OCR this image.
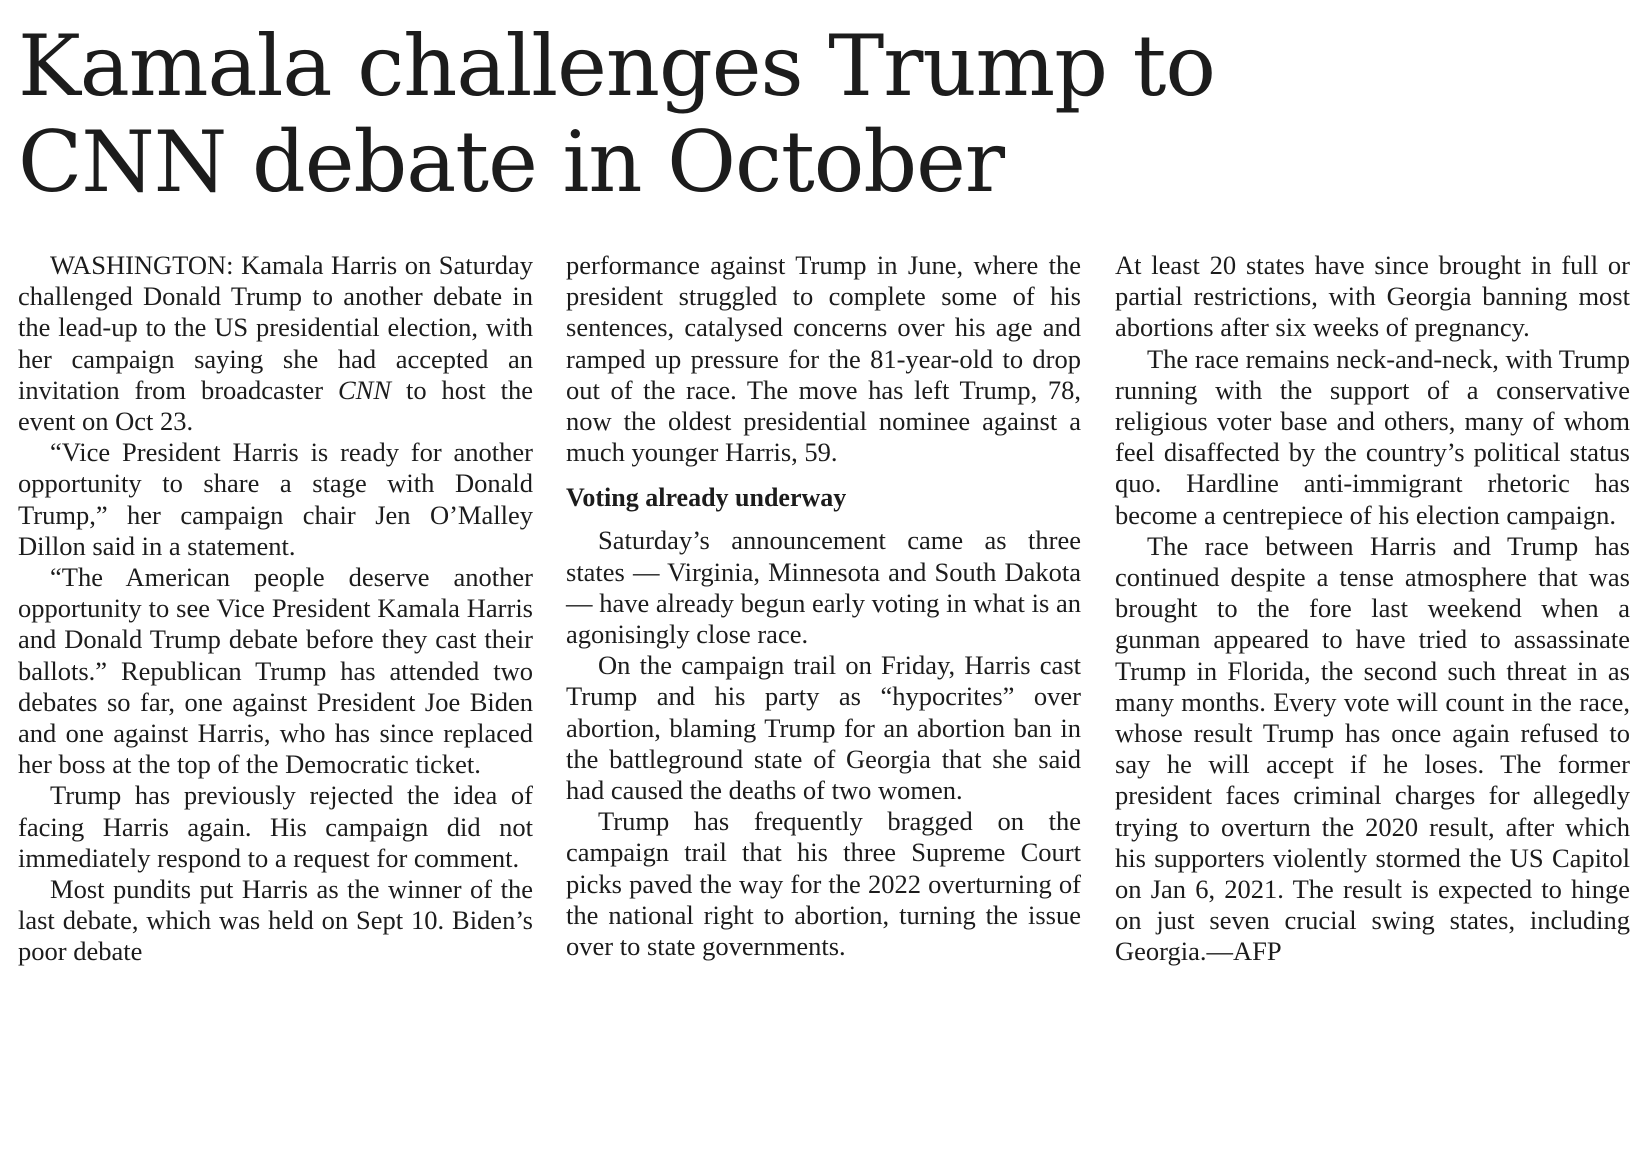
Kamala challenges Trump to
CNN debate in October

WASHINGTON: Kamala Harris on Saturday challenged Donald Trump to another debate in the lead-up to the US presidential election, with her campaign saying she had accepted an invitation from broadcaster CNN to host the event on Oct 23.

“Vice President Harris is ready for another opportunity to share a stage with Donald Trump,” her campaign chair Jen O’Malley Dillon said in a statement.

“The American people deserve another opportunity to see Vice President Kamala Harris and Donald Trump debate before they cast their ballots.” Republican Trump has attended two debates so far, one against President Joe Biden and one against Harris, who has since replaced her boss at the top of the Democratic ticket.

Trump has previously rejected the idea of facing Harris again. His campaign did not immediately respond to a request for comment.

Most pundits put Harris as the winner of the last debate, which was held on Sept 10. Biden’s poor debate

performance against Trump in June, where the president struggled to complete some of his sentences, catalysed concerns over his age and ramped up pressure for the 81-year-old to drop out of the race. The move has left Trump, 78, now the oldest presidential nominee against a much younger Harris, 59.

Voting already underway

Saturday’s announcement came as three states — Virginia, Minnesota and South Dakota — have already begun early voting in what is an agonisingly close race.

On the campaign trail on Friday, Harris cast Trump and his party as “hypocrites” over abortion, blaming Trump for an abortion ban in the battleground state of Georgia that she said had caused the deaths of two women.

Trump has frequently bragged on the campaign trail that his three Supreme Court picks paved the way for the 2022 overturning of the national right to abortion, turning the issue over to state governments.

At least 20 states have since brought in full or partial restrictions, with Georgia banning most abortions after six weeks of pregnancy.

The race remains neck-and-neck, with Trump running with the support of a conservative religious voter base and others, many of whom feel disaffected by the country’s political status quo. Hardline anti-immigrant rhetoric has become a centrepiece of his election campaign.

The race between Harris and Trump has continued despite a tense atmosphere that was brought to the fore last weekend when a gunman appeared to have tried to assassinate Trump in Florida, the second such threat in as many months. Every vote will count in the race, whose result Trump has once again refused to say he will accept if he loses. The former president faces criminal charges for allegedly trying to overturn the 2020 result, after which his supporters violently stormed the US Capitol on Jan 6, 2021. The result is expected to hinge on just seven crucial swing states, including Georgia.—AFP
